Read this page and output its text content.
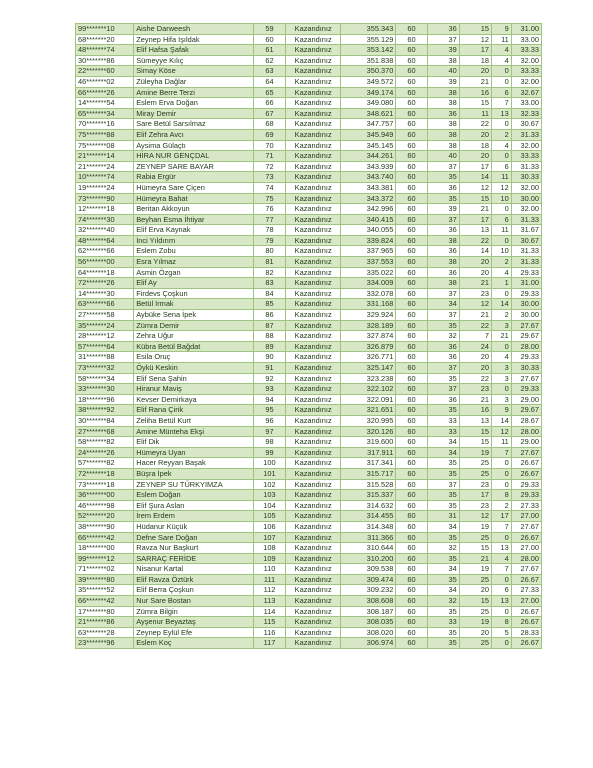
99*******10	Aishe Darweesh	59	Kazandınız	355.343	60	36	15	9	31.00
68*******20	Zeynep Hifa Işıldak	60	Kazandınız	355.129	60	37	12	11	33.00
48*******74	Elif Hafsa Şafak	61	Kazandınız	353.142	60	39	17	4	33.33
30*******86	Sümeyye Kılıç	62	Kazandınız	351.838	60	38	18	4	32.00
22*******60	Simay Köse	63	Kazandınız	350.370	60	40	20	0	33.33
46*******02	Züleyha Dağlar	64	Kazandınız	349.572	60	39	21	0	32.00
66*******26	Amine Berre Terzi	65	Kazandınız	349.174	60	38	16	6	32.67
14*******54	Eslem Erva Doğan	66	Kazandınız	349.080	60	38	15	7	33.00
65*******34	Miray Demir	67	Kazandınız	348.621	60	36	11	13	32.33
70*******16	Sare Betül Sarsılmaz	68	Kazandınız	347.757	60	38	22	0	30.67
75*******88	Elif Zehra Avcı	69	Kazandınız	345.949	60	38	20	2	31.33
75*******08	Aysima Gülaçtı	70	Kazandınız	345.145	60	38	18	4	32.00
21*******14	HİRA NUR GENÇDAL	71	Kazandınız	344.261	60	40	20	0	33.33
21*******24	ZEYNEP SARE BAYAR	72	Kazandınız	343.939	60	37	17	6	31.33
10*******74	Rabia Ergür	73	Kazandınız	343.740	60	35	14	11	30.33
19*******24	Hümeyra Sare Çiçen	74	Kazandınız	343.381	60	36	12	12	32.00
73*******90	Hümeyra Bahat	75	Kazandınız	343.372	60	35	15	10	30.00
12*******18	Beritan Akkoyun	76	Kazandınız	342.996	60	39	21	0	32.00
74*******30	Beyhan Esma İhtiyar	77	Kazandınız	340.415	60	37	17	6	31.33
32*******40	Elif Erva Kaynak	78	Kazandınız	340.055	60	36	13	11	31.67
48*******64	İnci Yıldırım	79	Kazandınız	339.824	60	38	22	0	30.67
62*******66	Eslem Zobu	80	Kazandınız	337.965	60	36	14	10	31.33
56*******00	Esra Yılmaz	81	Kazandınız	337.553	60	38	20	2	31.33
64*******18	Asmin Özgan	82	Kazandınız	335.022	60	36	20	4	29.33
72*******26	Elif Ay	83	Kazandınız	334.009	60	38	21	1	31.00
14*******30	Firdevs Çoşkun	84	Kazandınız	332.078	60	37	23	0	29.33
63*******66	Betül Irmak	85	Kazandınız	331.168	60	34	12	14	30.00
27*******58	Aybüke Sena İpek	86	Kazandınız	329.924	60	37	21	2	30.00
35*******24	Zümra Demir	87	Kazandınız	328.189	60	35	22	3	27.67
28*******12	Zehra Uğur	88	Kazandınız	327.874	60	32	7	21	29.67
57*******64	Kübra Betül Bağdat	89	Kazandınız	326.879	60	36	24	0	28.00
31*******88	Esila Oruç	90	Kazandınız	326.771	60	36	20	4	29.33
73*******32	Öykü Keskin	91	Kazandınız	325.147	60	37	20	3	30.33
58*******34	Elif Sena Şahin	92	Kazandınız	323.238	60	35	22	3	27.67
33*******30	Hiranur Maviş	93	Kazandınız	322.102	60	37	23	0	29.33
18*******96	Kevser Demirkaya	94	Kazandınız	322.091	60	36	21	3	29.00
38*******92	Elif Rana Çirik	95	Kazandınız	321.651	60	35	16	9	29.67
30*******84	Zeliha Betül Kurt	96	Kazandınız	320.995	60	33	13	14	28.67
27*******68	Amine Münteha Ekşi	97	Kazandınız	320.126	60	33	15	12	28.00
58*******82	Elif Dik	98	Kazandınız	319.600	60	34	15	11	29.00
24*******26	Hümeyra Uyan	99	Kazandınız	317.911	60	34	19	7	27.67
57*******82	Hacer Reyyan Başak	100	Kazandınız	317.341	60	35	25	0	26.67
72*******18	Büşra İpek	101	Kazandınız	315.717	60	35	25	0	26.67
73*******18	ZEYNEP SU TÜRKYIMZA	102	Kazandınız	315.528	60	37	23	0	29.33
36*******00	Eslem Doğan	103	Kazandınız	315.337	60	35	17	8	29.33
46*******98	Elif Şura Aslan	104	Kazandınız	314.632	60	35	23	2	27.33
52*******20	İrem Erdem	105	Kazandınız	314.455	60	31	12	17	27.00
38*******90	Hüdanur Küçük	106	Kazandınız	314.348	60	34	19	7	27.67
66*******42	Defne Sare Doğan	107	Kazandınız	311.366	60	35	25	0	26.67
18*******00	Ravza Nur Başkurt	108	Kazandınız	310.644	60	32	15	13	27.00
99*******12	SARRAÇ FERİDE	109	Kazandınız	310.200	60	35	21	4	28.00
71*******02	Nisanur Kartal	110	Kazandınız	309.538	60	34	19	7	27.67
39*******80	Elif Ravza Öztürk	111	Kazandınız	309.474	60	35	25	0	26.67
35*******52	Elif Berra Çoşkun	112	Kazandınız	309.232	60	34	20	6	27.33
66*******42	Nur Sare Bostan	113	Kazandınız	308.608	60	32	15	13	27.00
17*******80	Zümra Bilgin	114	Kazandınız	308.187	60	35	25	0	26.67
21*******86	Ayşenur Beyaztaş	115	Kazandınız	308.035	60	33	19	8	26.67
63*******28	Zeynep Eylül Efe	116	Kazandınız	308.020	60	35	20	5	28.33
23*******96	Eslem Koç	117	Kazandınız	306.974	60	35	25	0	26.67
